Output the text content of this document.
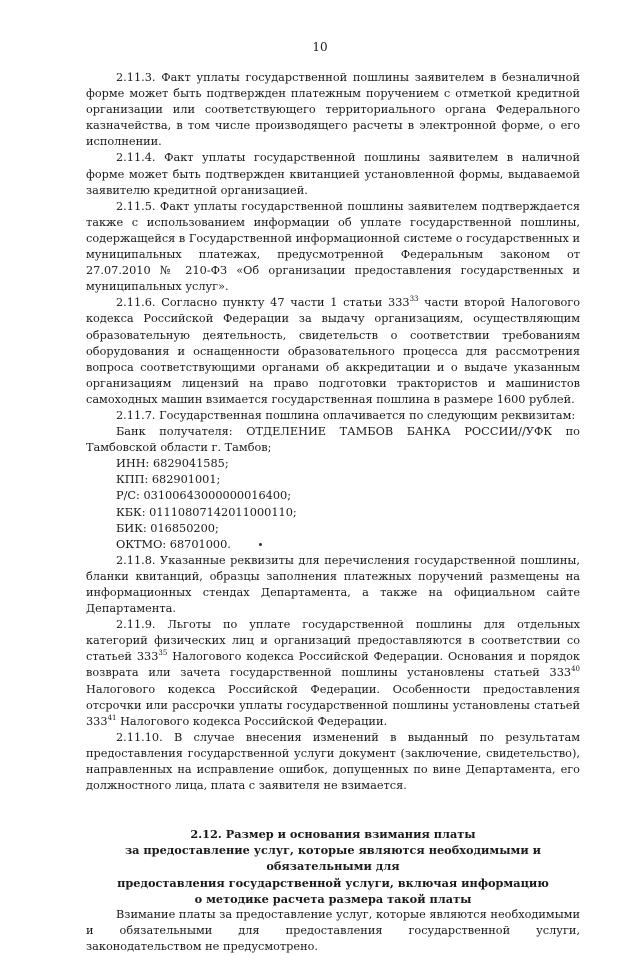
10

2.11.3. Факт уплаты государственной пошлины заявителем в безналичной форме может быть подтвержден платежным поручением с отметкой кредитной организации или соответствующего территориального органа Федерального казначейства, в том числе производящего расчеты в электронной форме, о его исполнении.

2.11.4. Факт уплаты государственной пошлины заявителем в наличной форме может быть подтвержден квитанцией установленной формы, выдаваемой заявителю кредитной организацией.

2.11.5. Факт уплаты государственной пошлины заявителем подтверждается также с использованием информации об уплате государственной пошлины, содержащейся в Государственной информационной системе о государственных и муниципальных платежах, предусмотренной Федеральным законом от 27.07.2010 № 210-ФЗ «Об организации предоставления государственных и муниципальных услуг».

2.11.6. Согласно пункту 47 части 1 статьи $333^{33}$ части второй Налогового кодекса Российской Федерации за выдачу организациям, осуществляющим образовательную деятельность, свидетельств о соответствии требованиям оборудования и оснащенности образовательного процесса для рассмотрения вопроса соответствующими органами об аккредитации и о выдаче указанным организациям лицензий на право подготовки трактористов и машинистов самоходных машин взимается государственная пошлина в размере 1600 рублей.

2.11.7. Государственная пошлина оплачивается по следующим реквизитам:

Банк получателя: ОТДЕЛЕНИЕ ТАМБОВ БАНКА РОССИИ//УФК по Тамбовской области г. Тамбов;

ИНН: 6829041585;

КПП: 682901001;

Р/С: 03100643000000016400;

КБК: 01110807142011000110;

БИК: 016850200;

ОКТМО: 68701000.

2.11.8. Указанные реквизиты для перечисления государственной пошлины, бланки квитанций, образцы заполнения платежных поручений размещены на информационных стендах Департамента, а также на официальном сайте Департамента.

2.11.9. Льготы по уплате государственной пошлины для отдельных категорий физических лиц и организаций предоставляются в соответствии со статьей $333^{35}$ Налогового кодекса Российской Федерации. Основания и порядок возврата или зачета государственной пошлины установлены статьей $333^{40}$ Налогового кодекса Российской Федерации. Особенности предоставления отсрочки или рассрочки уплаты государственной пошлины установлены статьей $333^{41}$ Налогового кодекса Российской Федерации.

2.11.10. В случае внесения изменений в выданный по результатам предоставления государственной услуги документ (заключение, свидетельство), направленных на исправление ошибок, допущенных по вине Департамента, его должностного лица, плата с заявителя не взимается.

2.12. Размер и основания взимания платы

за предоставление услуг, которые являются необходимыми и обязательными для

предоставления государственной услуги, включая информацию

о методике расчета размера такой платы

Взимание платы за предоставление услуг, которые являются необходимыми и обязательными для предоставления государственной услуги, законодательством не предусмотрено.
